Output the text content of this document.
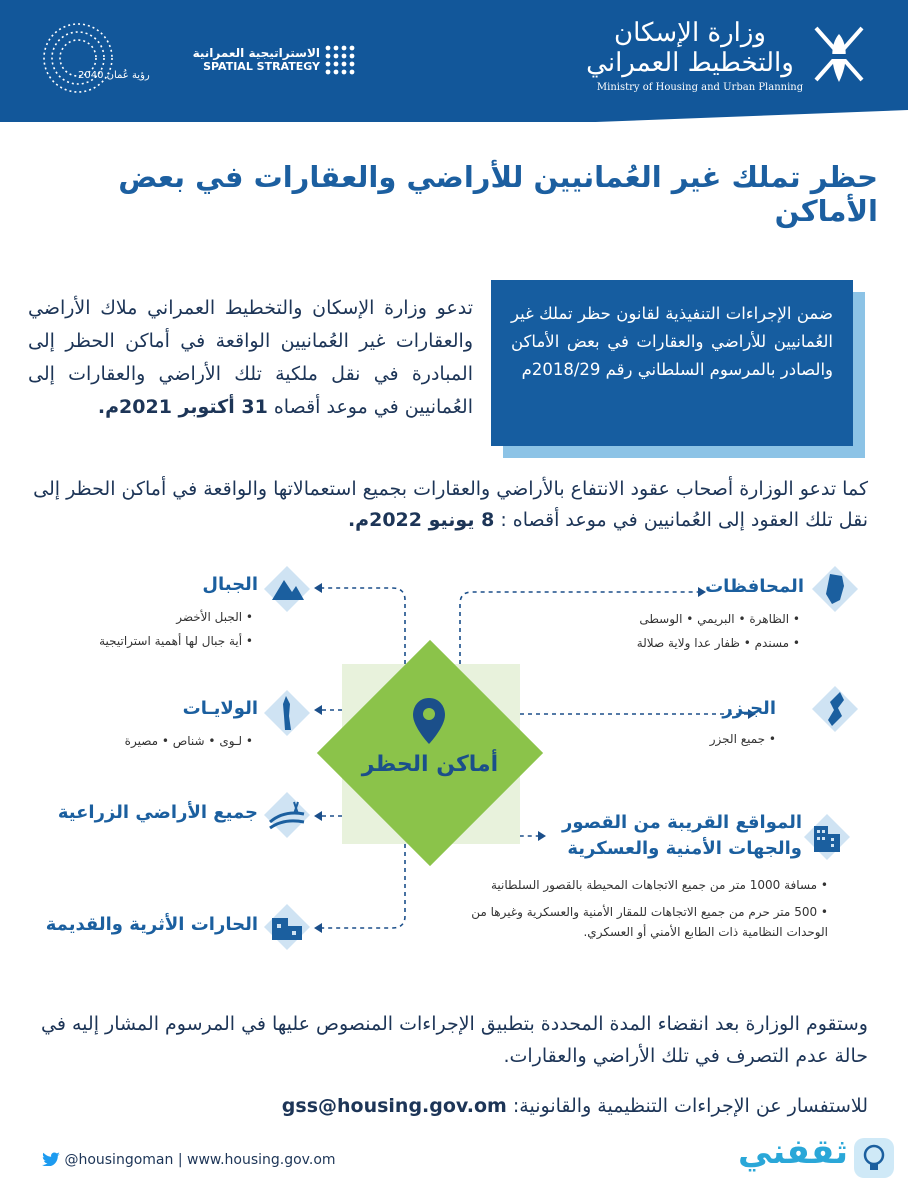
وزارة الإسكان والتخطيط العمراني
Ministry of Housing and Urban Planning
الاستراتيجية العمرانية
SPATIAL STRATEGY
رؤية عُمان 2040
حظر تملك غير العُمانيين للأراضي والعقارات في بعض الأماكن
ضمن الإجراءات التنفيذية لقانون حظر تملك غير العُمانيين للأراضي والعقارات في بعض الأماكن والصادر بالمرسوم السلطاني رقم 2018/29م
تدعو وزارة الإسكان والتخطيط العمراني ملاك الأراضي والعقارات غير العُمانيين الواقعة في أماكن الحظر إلى المبادرة في نقل ملكية تلك الأراضي والعقارات إلى العُمانيين في موعد أقصاه 31 أكتوبر 2021م.
كما تدعو الوزارة أصحاب عقود الانتفاع بالأراضي والعقارات بجميع استعمالاتها والواقعة في أماكن الحظر إلى نقل تلك العقود إلى العُمانيين في موعد أقصاه : 8 يونيو 2022م.
أماكن الحظر
الجبال
• الجبل الأخضر
• أية جبال لها أهمية استراتيجية
الولايـات
• لـوى • شناص • مصيرة
جميع الأراضي الزراعية
الحارات الأثرية والقديمة
المحافظات
• الظاهرة • البريمي • الوسطى
• مسندم • ظفار عدا ولاية صلالة
الجـزر
• جميع الجزر
المواقع القريبة من القصور
والجهات الأمنية والعسكرية
• مسافة 1000 متر من جميع الاتجاهات المحيطة بالقصور السلطانية
• 500 متر حرم من جميع الاتجاهات للمقار الأمنية والعسكرية وغيرها من الوحدات النظامية ذات الطابع الأمني أو العسكري.
وستقوم الوزارة بعد انقضاء المدة المحددة بتطبيق الإجراءات المنصوص عليها في المرسوم المشار إليه في حالة عدم التصرف في تلك الأراضي والعقارات.
للاستفسار عن الإجراءات التنظيمية والقانونية: gss@housing.gov.om
@housingoman | www.housing.gov.om	ثقفني
